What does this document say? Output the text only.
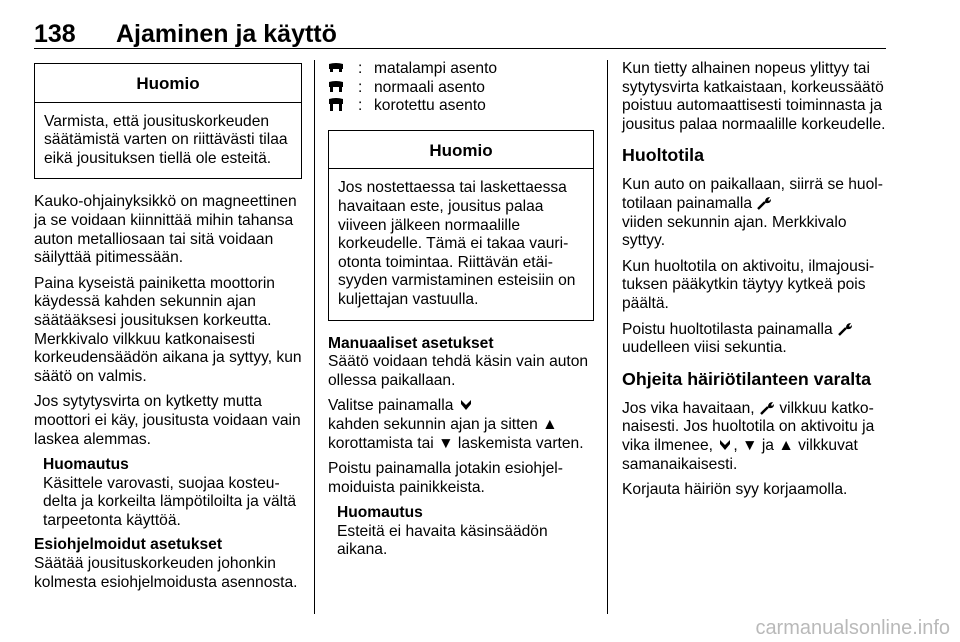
138 Ajaminen ja käyttö
Huomio
Varmista, että jousituskorkeuden säätämistä varten on riittävästi tilaa eikä jousituksen tiellä ole esteitä.

Kauko-ohjainyksikkö on magneettinen ja se voidaan kiinnittää mihin tahansa auton metalliosaan tai sitä voidaan säilyttää pitimessään.

Paina kyseistä painiketta moottorin käydessä kahden sekunnin ajan säätääksesi jousituksen korkeutta. Merkkivalo vilkkuu katkonaisesti korkeudensäädön aikana ja syttyy, kun säätö on valmis.

Jos sytytysvirta on kytketty mutta moottori ei käy, jousitusta voidaan vain laskea alemmas.

Huomautus
Käsittele varovasti, suojaa kosteudelta ja korkeilta lämpötiloilta ja vältä tarpeetonta käyttöä.
Esiohjelmoidut asetukset

Säätää jousituskorkeuden johonkin kolmesta esiohjelmoidusta asennosta.

: matalampi asento
: normaali asento
: korotettu asento
Huomio
Jos nostettaessa tai laskettaessa havaitaan este, jousitus palaa viiveen jälkeen normaalille korkeudelle. Tämä ei takaa vauriotonta toimintaa. Riittävän etäisyyden varmistaminen esteisiin on kuljettajan vastuulla.
Manuaaliset asetukset

Säätö voidaan tehdä käsin vain auton ollessa paikallaan.

Valitse painamalla
kahden sekunnin ajan ja sitten ▲
korottamista tai ▼ laskemista varten.

Poistu painamalla jotakin esiohjelmoiduista painikkeista.

Huomautus
Esteitä ei havaita käsinsäädön aikana.

Kun tietty alhainen nopeus ylittyy tai sytytysvirta katkaistaan, korkeussäätö poistuu automaattisesti toiminnasta ja jousitus palaa normaalille korkeudelle.

Huoltotila

Kun auto on paikallaan, siirrä se huoltotilaan painamalla
viiden sekunnin ajan. Merkkivalo syttyy.

Kun huoltotila on aktivoitu, ilmajousituksen pääkytkin täytyy kytkeä pois päältä.

Poistu huoltotilasta painamalla
uudelleen viisi sekuntia.

Ohjeita häiriötilanteen varalta

Jos vika havaitaan, vilkkuu katkonaisesti. Jos huoltotila on aktivoitu ja vika ilmenee, , ▼ ja ▲ vilkkuvat samanaikaisesti.

Korjauta häiriön syy korjaamolla.

carmanualsonline.info
